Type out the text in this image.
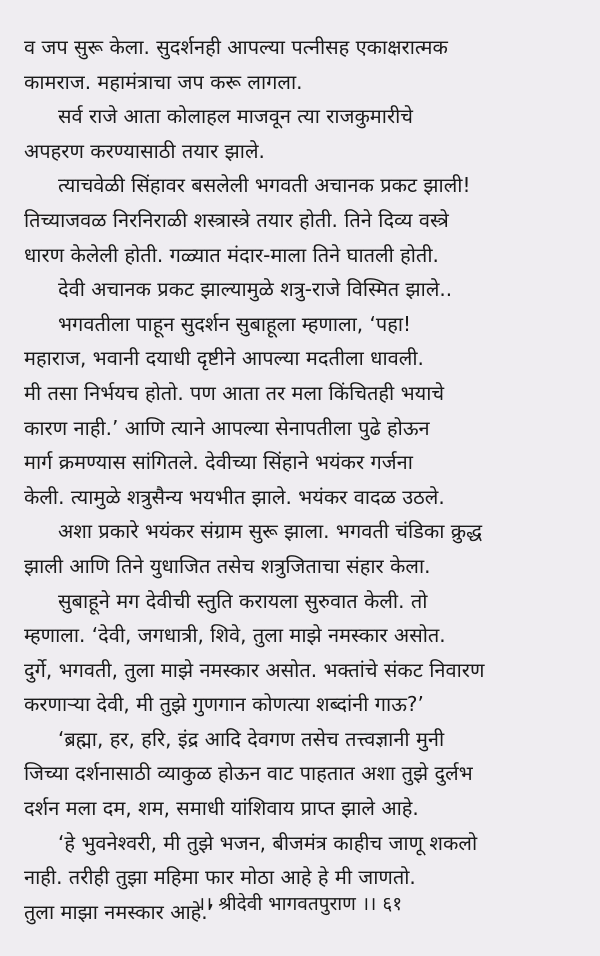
व जप सुरू केला. सुदर्शनही आपल्या पत्नीसह एकाक्षरात्मक
कामराज. महामंत्राचा जप करू लागला.
सर्व राजे आता कोलाहल माजवून त्या राजकुमारीचे
अपहरण करण्यासाठी तयार झाले.
त्याचवेळी सिंहावर बसलेली भगवती अचानक प्रकट झाली!
तिच्याजवळ निरनिराळी शस्त्रास्त्रे तयार होती. तिने दिव्य वस्त्रे
धारण केलेली होती. गळ्यात मंदार-माला तिने घातली होती.
देवी अचानक प्रकट झाल्यामुळे शत्रु-राजे विस्मित झाले..
भगवतीला पाहून सुदर्शन सुबाहूला म्हणाला, ‘पहा!
महाराज, भवानी दयाधी दृष्टीने आपल्या मदतीला धावली.
मी तसा निर्भयच होतो. पण आता तर मला किंचितही भयाचे
कारण नाही.’ आणि त्याने आपल्या सेनापतीला पुढे होऊन
मार्ग क्रमण्यास सांगितले. देवीच्या सिंहाने भयंकर गर्जना
केली. त्यामुळे शत्रुसैन्य भयभीत झाले. भयंकर वादळ उठले.
अशा प्रकारे भयंकर संग्राम सुरू झाला. भगवती चंडिका क्रुद्ध
झाली आणि तिने युधाजित तसेच शत्रुजिताचा संहार केला.
सुबाहूने मग देवीची स्तुति करायला सुरुवात केली. तो
म्हणाला. ‘देवी, जगधात्री, शिवे, तुला माझे नमस्कार असोत.
दुर्गे, भगवती, तुला माझे नमस्कार असोत. भक्तांचे संकट निवारण
करणाऱ्या देवी, मी तुझे गुणगान कोणत्या शब्दांनी गाऊ?’
‘ब्रह्मा, हर, हरि, इंद्र आदि देवगण तसेच तत्त्वज्ञानी मुनी
जिच्या दर्शनासाठी व्याकुळ होऊन वाट पाहतात अशा तुझे दुर्लभ
दर्शन मला दम, शम, समाधी यांशिवाय प्राप्त झाले आहे.
‘हे भुवनेश्वरी, मी तुझे भजन, बीजमंत्र काहीच जाणू शकलो
नाही. तरीही तुझा महिमा फार मोठा आहे हे मी जाणतो.
तुला माझा नमस्कार आहे.’
।। श्रीदेवी भागवतपुराण ।। ६१
